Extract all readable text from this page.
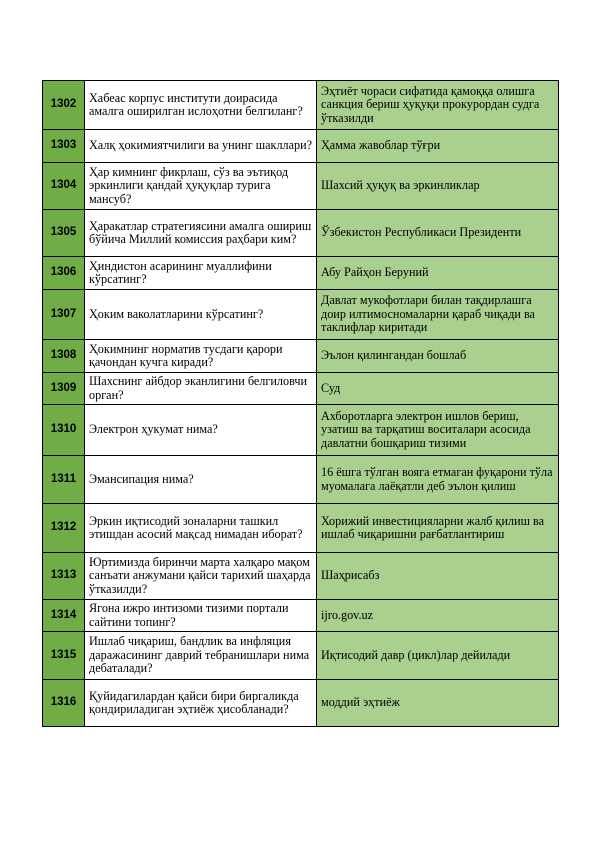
1302	Хабеас корпус институти доирасида амалга оширилган ислоҳотни белгиланг?	Эҳтиёт чораси сифатида қамоққа олишга санкция бериш ҳуқуқи прокурордан судга ўтказилди
1303	Халқ ҳокимиятчилиги ва унинг шакллари?	Ҳамма жавоблар тўғри
1304	Ҳар кимнинг фикрлаш, сўз ва эътиқод эркинлиги қандай ҳуқуқлар турига мансуб?	Шахсий ҳуқуқ ва эркинликлар
1305	Ҳаракатлар стратегиясини амалга ошириш бўйича Миллий комиссия раҳбари ким?	Ўзбекистон Республикаси Президенти
1306	Ҳиндистон асарининг муаллифини кўрсатинг?	Абу Райҳон Беруний
1307	Ҳоким ваколатларини кўрсатинг?	Давлат мукофотлари билан тақдирлашга доир илтимосномаларни қараб чиқади ва таклифлар киритади
1308	Ҳокимнинг норматив тусдаги қарори қачондан кучга киради?	Эълон қилингандан бошлаб
1309	Шахснинг айбдор эканлигини белгиловчи орган?	Суд
1310	Электрон ҳукумат нима?	Ахборотларга электрон ишлов бериш, узатиш ва тарқатиш воситалари асосида давлатни бошқариш тизими
1311	Эмансипация нима?	16 ёшга тўлган вояга етмаган фуқарони тўла муомалага лаёқатли деб эълон қилиш
1312	Эркин иқтисодий зоналарни ташкил этишдан асосий мақсад нимадан иборат?	Хорижий инвестицияларни жалб қилиш ва ишлаб чиқаришни рағбатлантириш
1313	Юртимизда биринчи марта халқаро мақом санъати анжумани қайси тарихий шаҳарда ўтказилди?	Шаҳрисабз
1314	Ягона ижро интизоми тизими портали сайтини топинг?	ijro.gov.uz
1315	Ишлаб чиқариш, бандлик ва инфляция даражасининг даврий тебранишлари нима дебаталади?	Иқтисодий давр (цикл)лар дейилади
1316	Қуйидагилардан қайси бири биргаликда қондириладиган эҳтиёж ҳисобланади?	моддий эҳтиёж
